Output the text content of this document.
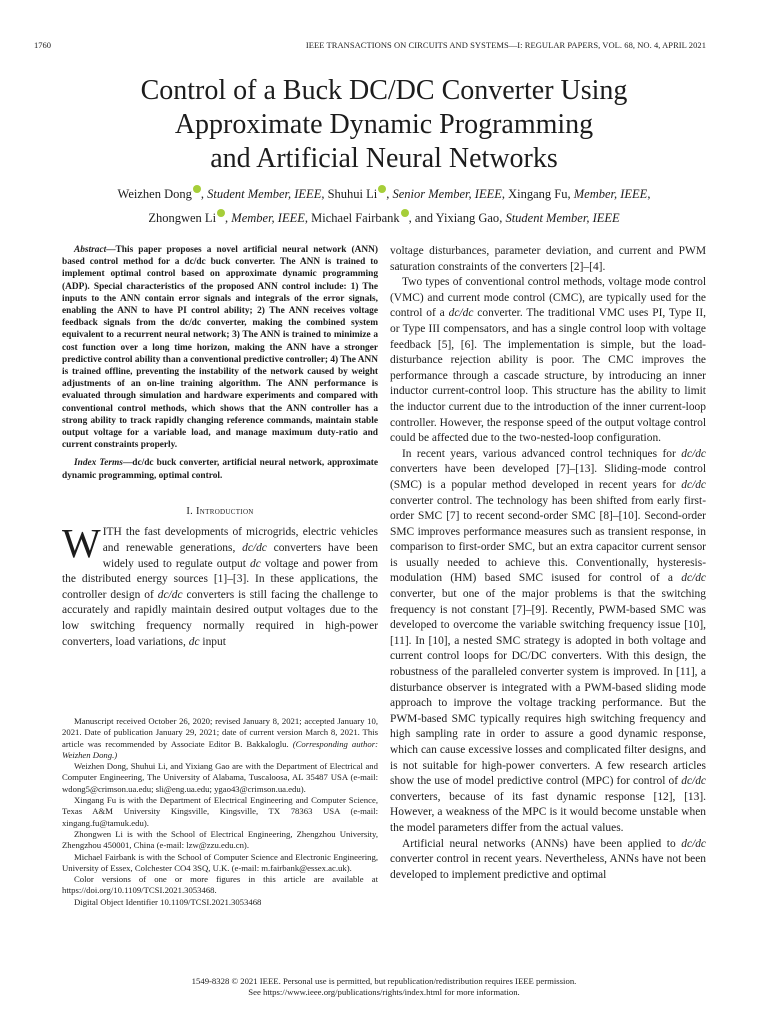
1760	IEEE TRANSACTIONS ON CIRCUITS AND SYSTEMS—I: REGULAR PAPERS, VOL. 68, NO. 4, APRIL 2021
Control of a Buck DC/DC Converter Using
Approximate Dynamic Programming
and Artificial Neural Networks
Weizhen Dong , Student Member, IEEE, Shuhui Li , Senior Member, IEEE, Xingang Fu, Member, IEEE,
Zhongwen Li , Member, IEEE, Michael Fairbank , and Yixiang Gao, Student Member, IEEE

Abstract—This paper proposes a novel artificial neural network (ANN) based control method for a dc/dc buck converter. The ANN is trained to implement optimal control based on approximate dynamic programming (ADP). Special characteristics of the proposed ANN control include: 1) The inputs to the ANN contain error signals and integrals of the error signals, enabling the ANN to have PI control ability; 2) The ANN receives voltage feedback signals from the dc/dc converter, making the combined system equivalent to a recurrent neural network; 3) The ANN is trained to minimize a cost function over a long time horizon, making the ANN have a stronger predictive control ability than a conventional predictive controller; 4) The ANN is trained offline, preventing the instability of the network caused by weight adjustments of an on-line training algorithm. The ANN performance is evaluated through simulation and hardware experiments and compared with conventional control methods, which shows that the ANN controller has a strong ability to track rapidly changing reference commands, maintain stable output voltage for a variable load, and manage maximum duty-ratio and current constraints properly.

Index Terms—dc/dc buck converter, artificial neural network, approximate dynamic programming, optimal control.

I. Introduction

WITH the fast developments of microgrids, electric vehicles and renewable generations, dc/dc converters have been widely used to regulate output dc voltage and power from the distributed energy sources [1]–[3]. In these applications, the controller design of dc/dc converters is still facing the challenge to accurately and rapidly maintain desired output voltages due to the low switching frequency normally required in high-power converters, load variations, dc input

Manuscript received October 26, 2020; revised January 8, 2021; accepted January 10, 2021. Date of publication January 29, 2021; date of current version March 8, 2021. This article was recommended by Associate Editor B. Bakkaloglu. (Corresponding author: Weizhen Dong.)

Weizhen Dong, Shuhui Li, and Yixiang Gao are with the Department of Electrical and Computer Engineering, The University of Alabama, Tuscaloosa, AL 35487 USA (e-mail: wdong5@crimson.ua.edu; sli@eng.ua.edu; ygao43@crimson.ua.edu).

Xingang Fu is with the Department of Electrical Engineering and Computer Science, Texas A&M University Kingsville, Kingsville, TX 78363 USA (e-mail: xingang.fu@tamuk.edu).

Zhongwen Li is with the School of Electrical Engineering, Zhengzhou University, Zhengzhou 450001, China (e-mail: lzw@zzu.edu.cn).

Michael Fairbank is with the School of Computer Science and Electronic Engineering, University of Essex, Colchester CO4 3SQ, U.K. (e-mail: m.fairbank@essex.ac.uk).

Color versions of one or more figures in this article are available at https://doi.org/10.1109/TCSI.2021.3053468.

Digital Object Identifier 10.1109/TCSI.2021.3053468

voltage disturbances, parameter deviation, and current and PWM saturation constraints of the converters [2]–[4].

Two types of conventional control methods, voltage mode control (VMC) and current mode control (CMC), are typically used for the control of a dc/dc converter. The traditional VMC uses PI, Type II, or Type III compensators, and has a single control loop with voltage feedback [5], [6]. The implementation is simple, but the load-disturbance rejection ability is poor. The CMC improves the performance through a cascade structure, by introducing an inner inductor current-control loop. This structure has the ability to limit the inductor current due to the introduction of the inner current-loop controller. However, the response speed of the output voltage control could be affected due to the two-nested-loop configuration.

In recent years, various advanced control techniques for dc/dc converters have been developed [7]–[13]. Sliding-mode control (SMC) is a popular method developed in recent years for dc/dc converter control. The technology has been shifted from early first-order SMC [7] to recent second-order SMC [8]–[10]. Second-order SMC improves performance measures such as transient response, in comparison to first-order SMC, but an extra capacitor current sensor is usually needed to achieve this. Conventionally, hysteresis-modulation (HM) based SMC isused for control of a dc/dc converter, but one of the major problems is that the switching frequency is not constant [7]–[9]. Recently, PWM-based SMC was developed to overcome the variable switching frequency issue [10], [11]. In [10], a nested SMC strategy is adopted in both voltage and current control loops for DC/DC converters. With this design, the robustness of the paralleled converter system is improved. In [11], a disturbance observer is integrated with a PWM-based sliding mode approach to improve the voltage tracking performance. But the PWM-based SMC typically requires high switching frequency and high sampling rate in order to assure a good dynamic response, which can cause excessive losses and complicated filter designs, and is not suitable for high-power converters. A few research articles show the use of model predictive control (MPC) for control of dc/dc converters, because of its fast dynamic response [12], [13]. However, a weakness of the MPC is it would become unstable when the model parameters differ from the actual values.

Artificial neural networks (ANNs) have been applied to dc/dc converter control in recent years. Nevertheless, ANNs have not been developed to implement predictive and optimal

1549-8328 © 2021 IEEE. Personal use is permitted, but republication/redistribution requires IEEE permission.
See https://www.ieee.org/publications/rights/index.html for more information.
